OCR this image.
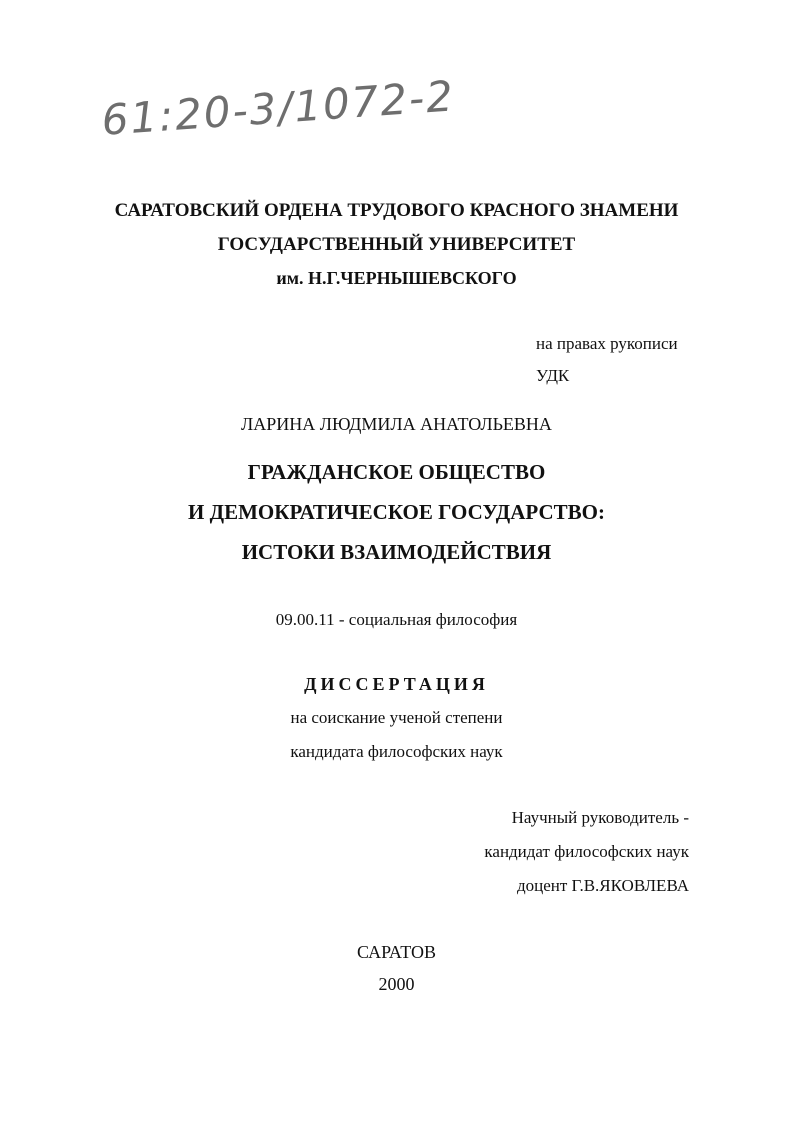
61:20-3/1072-2
САРАТОВСКИЙ ОРДЕНА ТРУДОВОГО КРАСНОГО ЗНАМЕНИ
ГОСУДАРСТВЕННЫЙ УНИВЕРСИТЕТ
им. Н.Г.ЧЕРНЫШЕВСКОГО
на правах рукописи
УДК
ЛАРИНА ЛЮДМИЛА АНАТОЛЬЕВНА
ГРАЖДАНСКОЕ ОБЩЕСТВО
И ДЕМОКРАТИЧЕСКОЕ ГОСУДАРСТВО:
ИСТОКИ ВЗАИМОДЕЙСТВИЯ
09.00.11 - социальная философия
ДИССЕРТАЦИЯ
на соискание ученой степени
кандидата философских наук
Научный руководитель -
кандидат философских наук
доцент Г.В.ЯКОВЛЕВА
САРАТОВ
2000
